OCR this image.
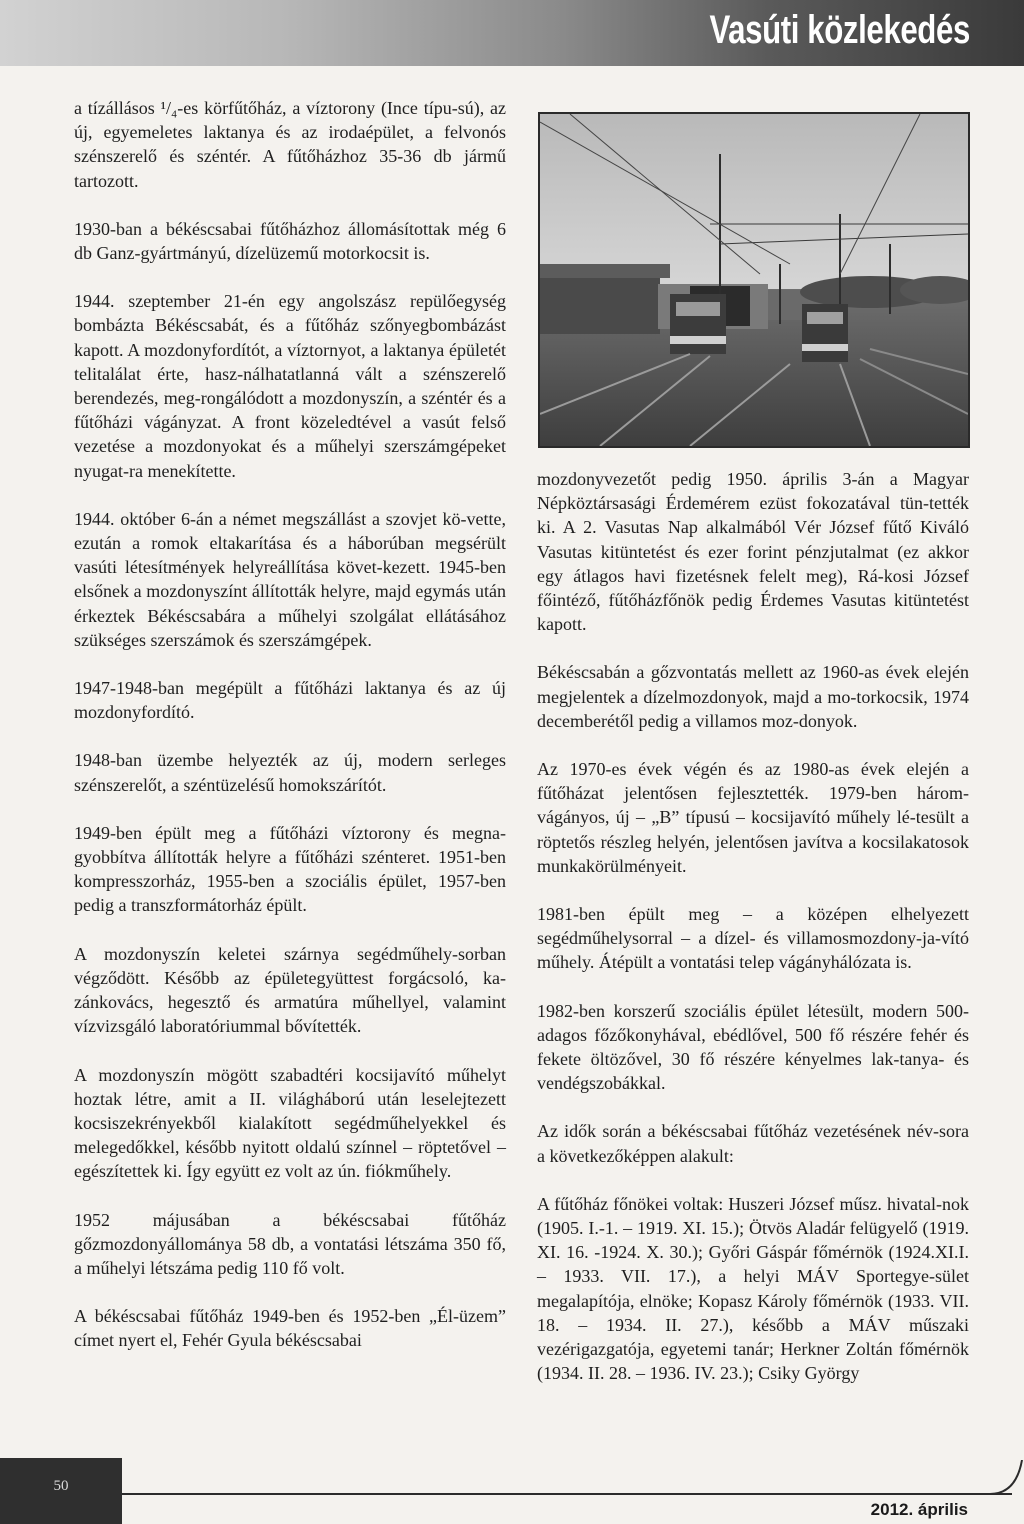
Vasúti közlekedés

a tízállásos ¹/₄-es körfűtőház, a víztorony (Ince típu-sú), az új, egyemeletes laktanya és az irodaépület, a felvonós szénszerelő és széntér. A fűtőházhoz 35-36 db jármű tartozott.

1930-ban a békéscsabai fűtőházhoz állomásítottak még 6 db Ganz-gyártmányú, dízelüzemű motorkocsit is.

1944. szeptember 21-én egy angolszász repülőegység bombázta Békéscsabát, és a fűtőház szőnyegbombázást kapott. A mozdonyfordítót, a víztornyot, a laktanya épületét telitalálat érte, hasz-nálhatatlanná vált a szénszerelő berendezés, meg-rongálódott a mozdonyszín, a széntér és a fűtőházi vágányzat. A front közeledtével a vasút felső vezetése a mozdonyokat és a műhelyi szerszámgépeket nyugat-ra menekítette.

1944. október 6-án a német megszállást a szovjet kö-vette, ezután a romok eltakarítása és a háborúban megsérült vasúti létesítmények helyreállítása követ-kezett. 1945-ben elsőnek a mozdonyszínt állították helyre, majd egymás után érkeztek Békéscsabára a műhelyi szolgálat ellátásához szükséges szerszámok és szerszámgépek.

1947-1948-ban megépült a fűtőházi laktanya és az új mozdonyfordító.

1948-ban üzembe helyezték az új, modern serleges szénszerelőt, a széntüzelésű homokszárítót.

1949-ben épült meg a fűtőházi víztorony és megna-gyobbítva állították helyre a fűtőházi szénteret. 1951-ben kompresszorház, 1955-ben a szociális épület, 1957-ben pedig a transzformátorház épült.

A mozdonyszín keletei szárnya segédműhely-sorban végződött. Később az épületegyüttest forgácsoló, ka-zánkovács, hegesztő és armatúra műhellyel, valamint vízvizsgáló laboratóriummal bővítették.

A mozdonyszín mögött szabadtéri kocsijavító műhelyt hoztak létre, amit a II. világháború után leselejtezett kocsiszekrényekből kialakított segédműhelyekkel és melegedőkkel, később nyitott oldalú színnel – röptetővel – egészítettek ki. Így együtt ez volt az ún. fiókműhely.

1952 májusában a békéscsabai fűtőház gőzmozdonyállománya 58 db, a vontatási létszáma 350 fő, a műhelyi létszáma pedig 110 fő volt.

A békéscsabai fűtőház 1949-ben és 1952-ben „Él-üzem” címet nyert el, Fehér Gyula békéscsabai

mozdonyvezetőt pedig 1950. április 3-án a Magyar Népköztársasági Érdemérem ezüst fokozatával tün-tették ki. A 2. Vasutas Nap alkalmából Vér József fűtő Kiváló Vasutas kitüntetést és ezer forint pénzjutalmat (ez akkor egy átlagos havi fizetésnek felelt meg), Rá-kosi József főintéző, fűtőházfőnök pedig Érdemes Vasutas kitüntetést kapott.

Békéscsabán a gőzvontatás mellett az 1960-as évek elején megjelentek a dízelmozdonyok, majd a mo-torkocsik, 1974 decemberétől pedig a villamos moz-donyok.

Az 1970-es évek végén és az 1980-as évek elején a fűtőházat jelentősen fejlesztették. 1979-ben három-vágányos, új – „B” típusú – kocsijavító műhely lé-tesült a röptetős részleg helyén, jelentősen javítva a kocsilakatosok munkakörülményeit.

1981-ben épült meg – a középen elhelyezett segédműhelysorral – a dízel- és villamosmozdony-ja-vító műhely. Átépült a vontatási telep vágányhálózata is.

1982-ben korszerű szociális épület létesült, modern 500-adagos főzőkonyhával, ebédlővel, 500 fő részére fehér és fekete öltözővel, 30 fő részére kényelmes lak-tanya- és vendégszobákkal.

Az idők során a békéscsabai fűtőház vezetésének név-sora a következőképpen alakult:

A fűtőház főnökei voltak: Huszeri József műsz. hivatal-nok (1905. I.-1. – 1919. XI. 15.); Ötvös Aladár felügyelő (1919. XI. 16. -1924. X. 30.); Győri Gáspár főmérnök (1924.XI.I. – 1933. VII. 17.), a helyi MÁV Sportegye-sület megalapítója, elnöke; Kopasz Károly főmérnök (1933. VII. 18. – 1934. II. 27.), később a MÁV műszaki vezérigazgatója, egyetemi tanár; Herkner Zoltán főmérnök (1934. II. 28. – 1936. IV. 23.); Csiky György

50
2012. április
